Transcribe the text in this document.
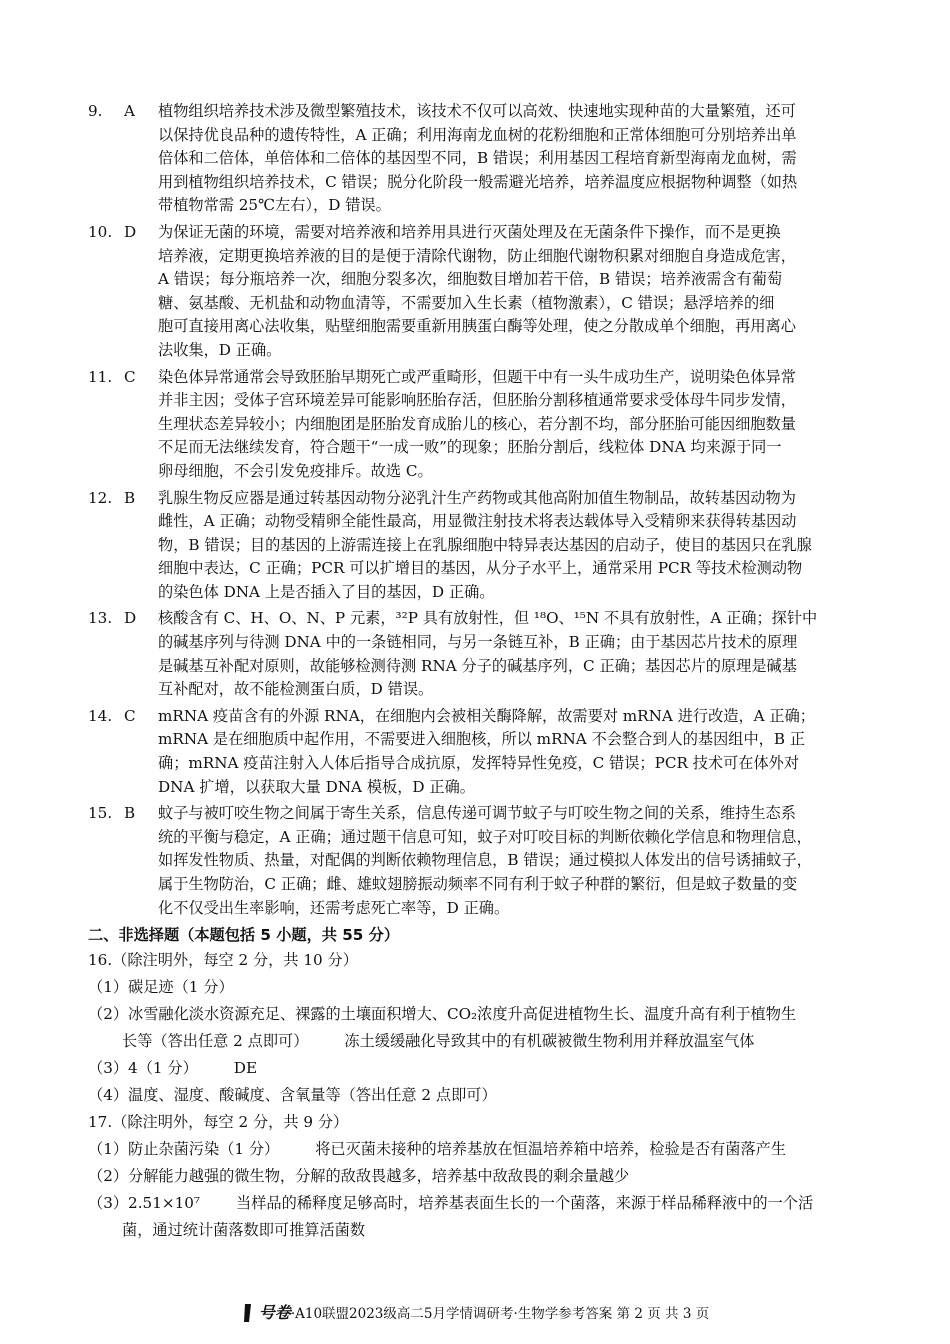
9. A 植物组织培养技术涉及微型繁殖技术，该技术不仅可以高效、快速地实现种苗的大量繁殖，还可

以保持优良品种的遗传特性，A 正确；利用海南龙血树的花粉细胞和正常体细胞可分别培养出单

倍体和二倍体，单倍体和二倍体的基因型不同，B 错误；利用基因工程培育新型海南龙血树，需

用到植物组织培养技术，C 错误；脱分化阶段一般需避光培养，培养温度应根据物种调整（如热

带植物常需 25℃左右），D 错误。

10. D 为保证无菌的环境，需要对培养液和培养用具进行灭菌处理及在无菌条件下操作，而不是更换

培养液，定期更换培养液的目的是便于清除代谢物，防止细胞代谢物积累对细胞自身造成危害，

A 错误；每分瓶培养一次，细胞分裂多次，细胞数目增加若干倍，B 错误；培养液需含有葡萄

糖、氨基酸、无机盐和动物血清等，不需要加入生长素（植物激素），C 错误；悬浮培养的细

胞可直接用离心法收集，贴壁细胞需要重新用胰蛋白酶等处理，使之分散成单个细胞，再用离心

法收集，D 正确。

11. C 染色体异常通常会导致胚胎早期死亡或严重畸形，但题干中有一头牛成功生产，说明染色体异常

并非主因；受体子宫环境差异可能影响胚胎存活，但胚胎分割移植通常要求受体母牛同步发情，

生理状态差异较小；内细胞团是胚胎发育成胎儿的核心，若分割不均，部分胚胎可能因细胞数量

不足而无法继续发育，符合题干“一成一败”的现象；胚胎分割后，线粒体 DNA 均来源于同一

卵母细胞，不会引发免疫排斥。故选 C。

12. B 乳腺生物反应器是通过转基因动物分泌乳汁生产药物或其他高附加值生物制品，故转基因动物为

雌性，A 正确；动物受精卵全能性最高，用显微注射技术将表达载体导入受精卵来获得转基因动

物，B 错误；目的基因的上游需连接上在乳腺细胞中特异表达基因的启动子，使目的基因只在乳腺

细胞中表达，C 正确；PCR 可以扩增目的基因，从分子水平上，通常采用 PCR 等技术检测动物

的染色体 DNA 上是否插入了目的基因，D 正确。

13. D 核酸含有 C、H、O、N、P 元素，³²P 具有放射性，但 ¹⁸O、¹⁵N 不具有放射性，A 正确；探针中

的碱基序列与待测 DNA 中的一条链相同，与另一条链互补，B 正确；由于基因芯片技术的原理

是碱基互补配对原则，故能够检测待测 RNA 分子的碱基序列，C 正确；基因芯片的原理是碱基

互补配对，故不能检测蛋白质，D 错误。

14. C mRNA 疫苗含有的外源 RNA，在细胞内会被相关酶降解，故需要对 mRNA 进行改造，A 正确；

mRNA 是在细胞质中起作用，不需要进入细胞核，所以 mRNA 不会整合到人的基因组中，B 正

确；mRNA 疫苗注射入人体后指导合成抗原，发挥特异性免疫，C 错误；PCR 技术可在体外对

DNA 扩增，以获取大量 DNA 模板，D 正确。

15. B 蚊子与被叮咬生物之间属于寄生关系，信息传递可调节蚊子与叮咬生物之间的关系，维持生态系

统的平衡与稳定，A 正确；通过题干信息可知，蚊子对叮咬目标的判断依赖化学信息和物理信息，

如挥发性物质、热量，对配偶的判断依赖物理信息，B 错误；通过模拟人体发出的信号诱捕蚊子，

属于生物防治，C 正确；雌、雄蚊翅膀振动频率不同有利于蚊子种群的繁衍，但是蚊子数量的变

化不仅受出生率影响，还需考虑死亡率等，D 正确。

二、非选择题（本题包括 5 小题，共 55 分）

16.（除注明外，每空 2 分，共 10 分）

（1）碳足迹（1 分）

（2）冰雪融化淡水资源充足、裸露的土壤面积增大、CO₂浓度升高促进植物生长、温度升高有利于植物生

长等（答出任意 2 点即可） 冻土缓缓融化导致其中的有机碳被微生物利用并释放温室气体

（3）4（1 分） DE

（4）温度、湿度、酸碱度、含氧量等（答出任意 2 点即可）

17.（除注明外，每空 2 分，共 9 分）

（1）防止杂菌污染（1 分） 将已灭菌未接种的培养基放在恒温培养箱中培养，检验是否有菌落产生

（2）分解能力越强的微生物，分解的敌敌畏越多，培养基中敌敌畏的剩余量越少

（3）2.51×10⁷ 当样品的稀释度足够高时，培养基表面生长的一个菌落，来源于样品稀释液中的一个活

菌，通过统计菌落数即可推算活菌数

号卷·A10联盟2023级高二5月学情调研考·生物学参考答案 第 2 页 共 3 页
